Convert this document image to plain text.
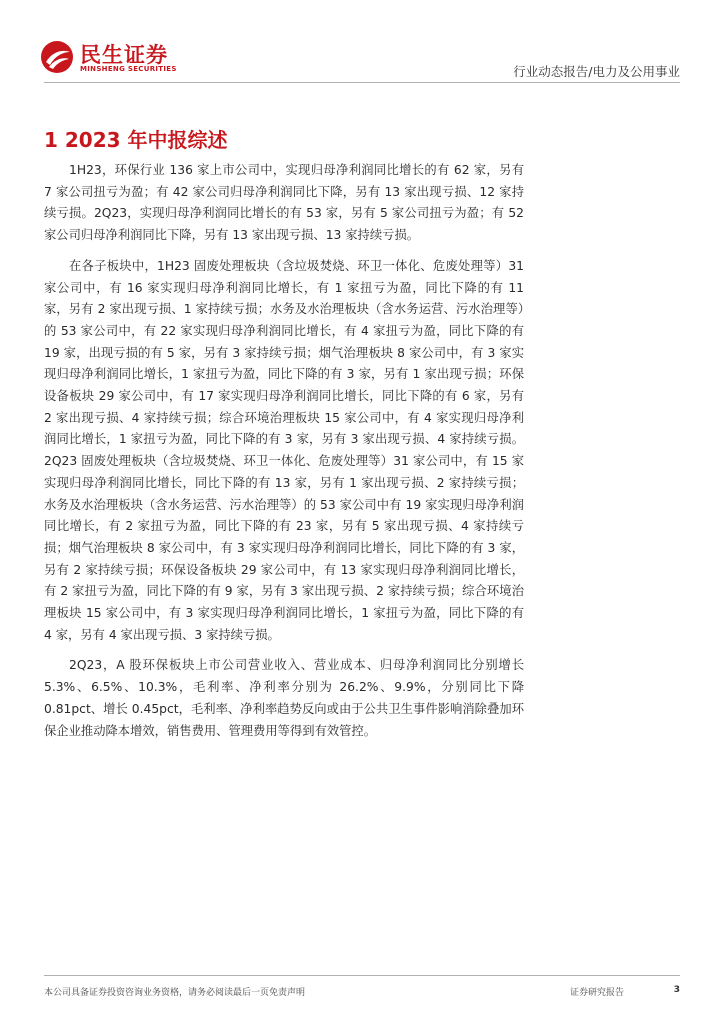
民生证券
MINSHENG SECURITIES	行业动态报告/电力及公用事业
1 2023 年中报综述

1H23，环保行业 136 家上市公司中，实现归母净利润同比增长的有 62 家，另有 7 家公司扭亏为盈；有 42 家公司归母净利润同比下降，另有 13 家出现亏损、12 家持续亏损。2Q23，实现归母净利润同比增长的有 53 家，另有 5 家公司扭亏为盈；有 52 家公司归母净利润同比下降，另有 13 家出现亏损、13 家持续亏损。

在各子板块中，1H23 固废处理板块（含垃圾焚烧、环卫一体化、危废处理等）31 家公司中，有 16 家实现归母净利润同比增长，有 1 家扭亏为盈，同比下降的有 11 家，另有 2 家出现亏损、1 家持续亏损；水务及水治理板块（含水务运营、污水治理等）的 53 家公司中，有 22 家实现归母净利润同比增长，有 4 家扭亏为盈，同比下降的有 19 家，出现亏损的有 5 家，另有 3 家持续亏损；烟气治理板块 8 家公司中，有 3 家实现归母净利润同比增长，1 家扭亏为盈，同比下降的有 3 家，另有 1 家出现亏损；环保设备板块 29 家公司中，有 17 家实现归母净利润同比增长，同比下降的有 6 家，另有 2 家出现亏损、4 家持续亏损；综合环境治理板块 15 家公司中，有 4 家实现归母净利润同比增长，1 家扭亏为盈，同比下降的有 3 家，另有 3 家出现亏损、4 家持续亏损。2Q23 固废处理板块（含垃圾焚烧、环卫一体化、危废处理等）31 家公司中，有 15 家实现归母净利润同比增长，同比下降的有 13 家，另有 1 家出现亏损、2 家持续亏损；水务及水治理板块（含水务运营、污水治理等）的 53 家公司中有 19 家实现归母净利润同比增长，有 2 家扭亏为盈，同比下降的有 23 家，另有 5 家出现亏损、4 家持续亏损；烟气治理板块 8 家公司中，有 3 家实现归母净利润同比增长，同比下降的有 3 家，另有 2 家持续亏损；环保设备板块 29 家公司中，有 13 家实现归母净利润同比增长，有 2 家扭亏为盈，同比下降的有 9 家，另有 3 家出现亏损、2 家持续亏损；综合环境治理板块 15 家公司中，有 3 家实现归母净利润同比增长，1 家扭亏为盈，同比下降的有 4 家，另有 4 家出现亏损、3 家持续亏损。

2Q23，A 股环保板块上市公司营业收入、营业成本、归母净利润同比分别增长 5.3%、6.5%、10.3%，毛利率、净利率分别为 26.2%、9.9%，分别同比下降 0.81pct、增长 0.45pct，毛利率、净利率趋势反向或由于公共卫生事件影响消除叠加环保企业推动降本增效，销售费用、管理费用等得到有效管控。

本公司具备证券投资咨询业务资格，请务必阅读最后一页免责声明	证券研究报告	3
